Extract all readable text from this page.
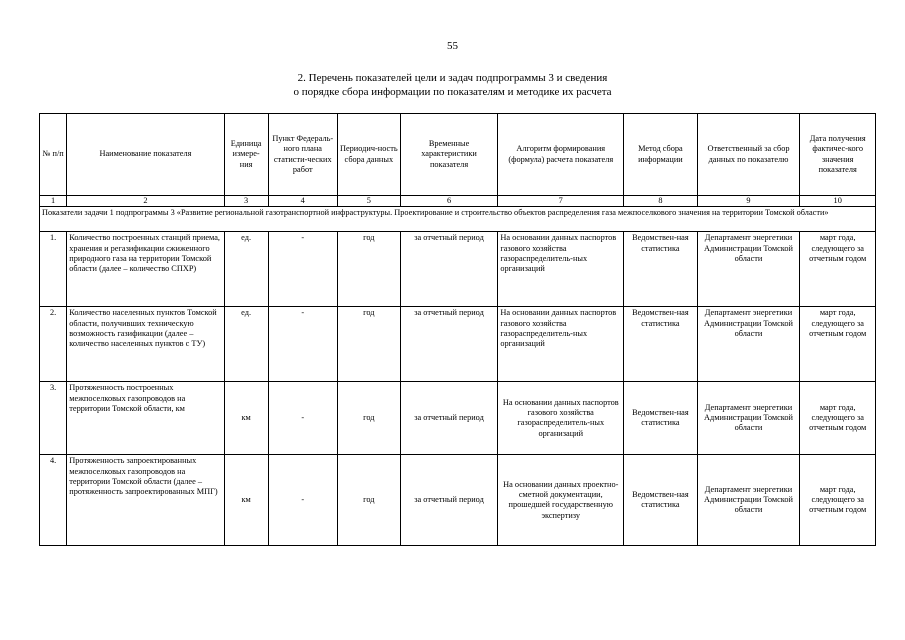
55
2. Перечень показателей цели и задач подпрограммы 3 и сведения
о порядке сбора информации по показателям и методике их расчета
№ п/п	Наименование показателя	Единица измере-ния	Пункт Федераль-ного плана статисти-ческих работ	Периодич-ность сбора данных	Временные характеристики показателя	Алгоритм формирования (формула) расчета показателя	Метод сбора информации	Ответственный за сбор данных по показателю	Дата получения фактичес-кого значения показателя
1	2	3	4	5	6	7	8	9	10
Показатели задачи 1 подпрограммы 3 «Развитие региональной газотранспортной инфраструктуры. Проектирование и строительство объектов распределения газа межпоселкового значения на территории Томской области»									
1.	Количество построенных станций приема, хранения и регазификации сжиженного природного газа на территории Томской области (далее – количество СПХР)	ед.	-	год	за отчетный период	На основании данных паспортов газового хозяйства газораспределитель-ных организаций	Ведомствен-ная статистика	Департамент энергетики Администрации Томской области	март года, следующего за отчетным годом
2.	Количество населенных пунктов Томской области, получивших техническую возможность газификации (далее – количество населенных пунктов с ТУ)	ед.	-	год	за отчетный период	На основании данных паспортов газового хозяйства газораспределитель-ных организаций	Ведомствен-ная статистика	Департамент энергетики Администрации Томской области	март года, следующего за отчетным годом
3.	Протяженность построенных межпоселковых газопроводов на территории Томской области, км	км	-	год	за отчетный период	На основании данных паспортов газового хозяйства газораспределитель-ных организаций	Ведомствен-ная статистика	Департамент энергетики Администрации Томской области	март года, следующего за отчетным годом
4.	Протяженность запроектированных межпоселковых газопроводов на территории Томской области (далее – протяженность запроектированных МПГ)	км	-	год	за отчетный период	На основании данных проектно-сметной документации, прошедшей государственную экспертизу	Ведомствен-ная статистика	Департамент энергетики Администрации Томской области	март года, следующего за отчетным годом
